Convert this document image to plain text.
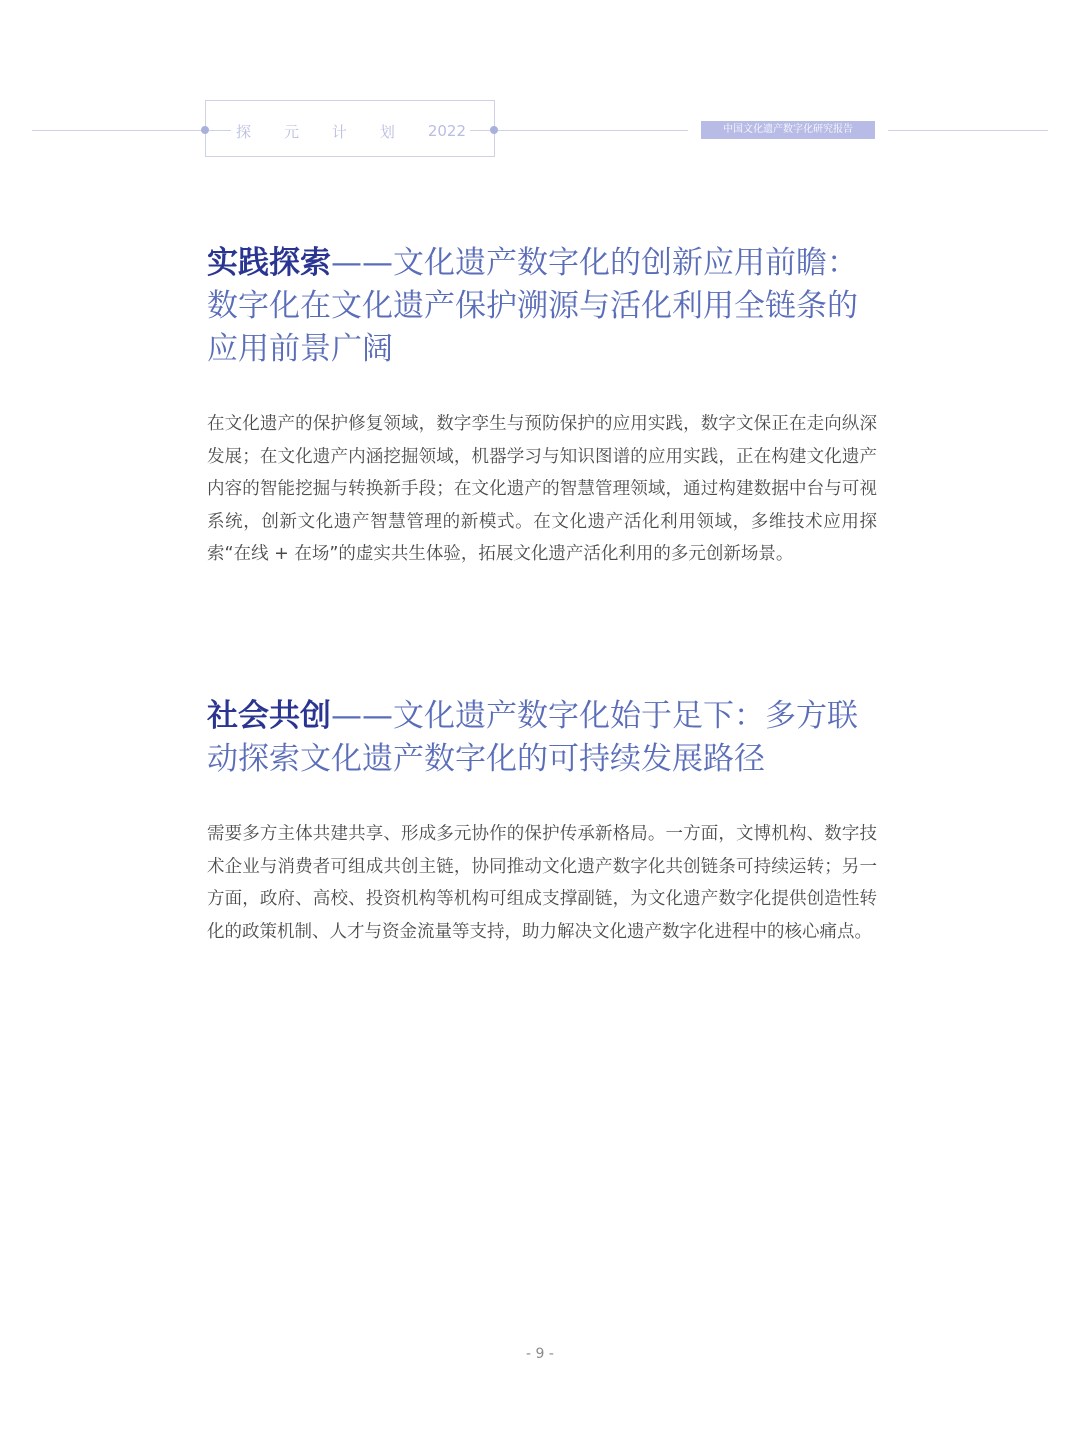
探 元 计 划 2022	中国文化遗产数字化研究报告
实践探索——文化遗产数字化的创新应用前瞻：数字化在文化遗产保护溯源与活化利用全链条的应用前景广阔

在文化遗产的保护修复领域，数字孪生与预防保护的应用实践，数字文保正在走向纵深发展；在文化遗产内涵挖掘领域，机器学习与知识图谱的应用实践，正在构建文化遗产内容的智能挖掘与转换新手段；在文化遗产的智慧管理领域，通过构建数据中台与可视系统，创新文化遗产智慧管理的新模式。在文化遗产活化利用领域，多维技术应用探索“在线 + 在场”的虚实共生体验，拓展文化遗产活化利用的多元创新场景。

社会共创——文化遗产数字化始于足下：多方联动探索文化遗产数字化的可持续发展路径

需要多方主体共建共享、形成多元协作的保护传承新格局。一方面，文博机构、数字技术企业与消费者可组成共创主链，协同推动文化遗产数字化共创链条可持续运转；另一方面，政府、高校、投资机构等机构可组成支撑副链，为文化遗产数字化提供创造性转化的政策机制、人才与资金流量等支持，助力解决文化遗产数字化进程中的核心痛点。

- 9 -
